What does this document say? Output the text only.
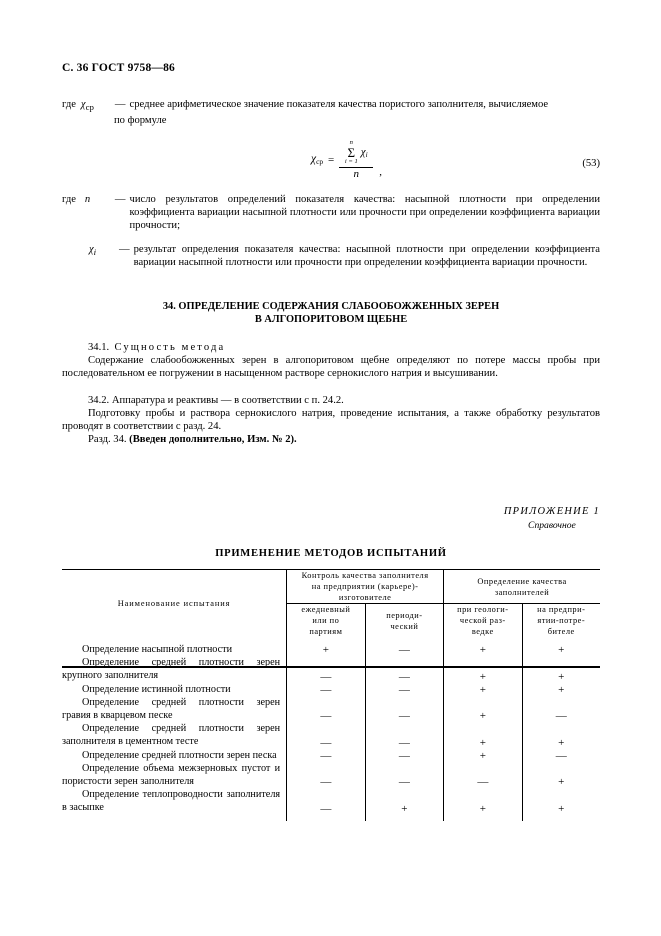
С. 36 ГОСТ 9758—86
где $\chi_{ср}$	— среднее арифметическое значение показателя качества пористого заполнителя, вычисляемое
по формуле
$\chi_{ср} = n$
Σ
i = 1
$\chi_i$
n ,
(53)
где n	— число результатов определений показателя качества: насыпной плотности при определении коэффициента вариации насыпной плотности или прочности при определении коэффициента вариации прочности;
$\chi_i$	— результат определения показателя качества: насыпной плотности при определении коэффициента вариации насыпной плотности или прочности при определении коэффициента вариации прочности.
34. ОПРЕДЕЛЕНИЕ СОДЕРЖАНИЯ СЛАБООБОЖЖЕННЫХ ЗЕРЕН
В АЛГОПОРИТОВОМ ЩЕБНЕ
34.1. Сущность метода
Содержание слабообожженных зерен в алгопоритовом щебне определяют по потере массы пробы при последовательном ее погружении в насыщенном растворе сернокислого натрия и высушивании.
34.2. Аппаратура и реактивы — в соответствии с п. 24.2.
Подготовку пробы и раствора сернокислого натрия, проведение испытания, а также обработку результатов проводят в соответствии с разд. 24.
Разд. 34. (Введен дополнительно, Изм. № 2).
ПРИЛОЖЕНИЕ 1
Справочное
ПРИМЕНЕНИЕ МЕТОДОВ ИСПЫТАНИЙ
Наименование испытания	
Контроль качества заполнителя
на предприятии (карьере)-
изготовителе

Определение качества
заполнителей

ежедневный
или по
партиям

периоди-
ческий

при геологи-
ческой раз-
ведке

на предпри-
ятии-потре-
бителе

Определение насыпной плотности	+	—	+	+
Определение средней плотности зерен крупного заполнителя	—	—	+	+
Определение истинной плотности	—	—	+	+
Определение средней плотности зерен гравия в кварцевом песке	—	—	+	—
Определение средней плотности зерен заполнителя в цементном тесте	—	—	+	+
Определение средней плотности зерен песка	—	—	+	—
Определение объема межзерновых пустот и пористости зерен заполнителя	—	—	—	+
Определение теплопроводности заполнителя в засыпке	—	+	+	+
